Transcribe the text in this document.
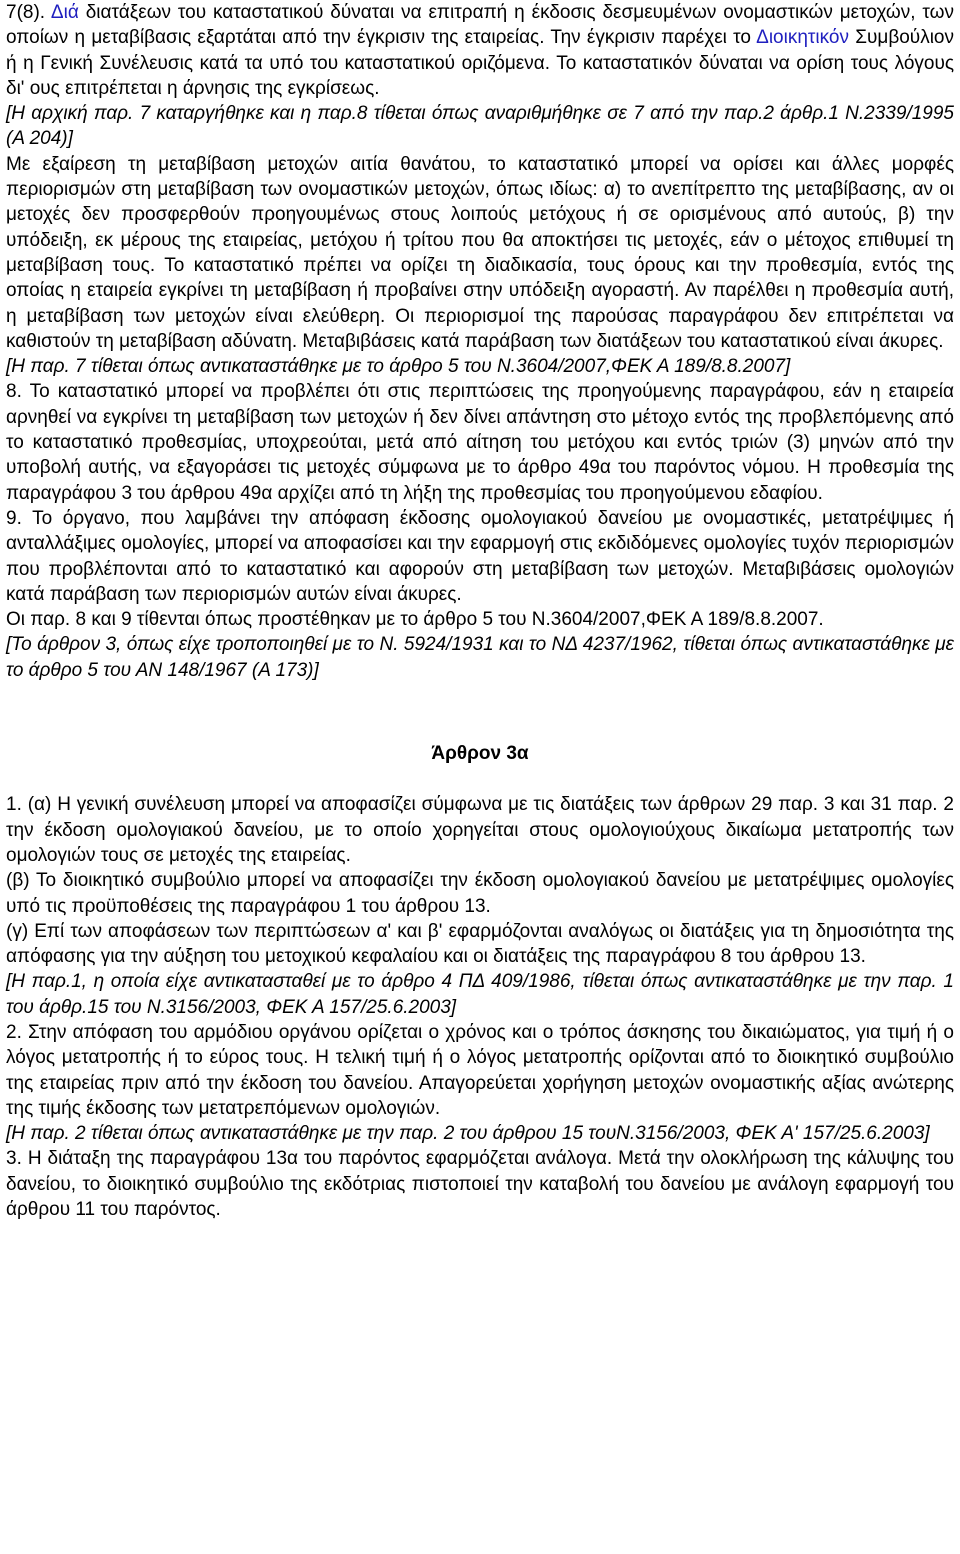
7(8). Διά διατάξεων του καταστατικού δύναται να επιτραπή η έκδοσις δεσμευμένων ονομαστικών μετοχών, των οποίων η μεταβίβασις εξαρτάται από την έγκρισιν της εταιρείας. Την έγκρισιν παρέχει το Διοικητικόν Συμβούλιον ή η Γενική Συνέλευσις κατά τα υπό του καταστατικού οριζόμενα. Το καταστατικόν δύναται να ορίση τους λόγους δι' ους επιτρέπεται η άρνησις της εγκρίσεως.

[Η αρχική παρ. 7 καταργήθηκε και η παρ.8 τίθεται όπως αναριθμήθηκε σε 7 από την παρ.2 άρθρ.1 Ν.2339/1995 (Α 204)]

Με εξαίρεση τη μεταβίβαση μετοχών αιτία θανάτου, το καταστατικό μπορεί να ορίσει και άλλες μορφές περιορισμών στη μεταβίβαση των ονομαστικών μετοχών, όπως ιδίως: α) το ανεπίτρεπτο της μεταβίβασης, αν οι μετοχές δεν προσφερθούν προηγουμένως στους λοιπούς μετόχους ή σε ορισμένους από αυτούς, β) την υπόδειξη, εκ μέρους της εταιρείας, μετόχου ή τρίτου που θα αποκτήσει τις μετοχές, εάν ο μέτοχος επιθυμεί τη μεταβίβαση τους. Το καταστατικό πρέπει να ορίζει τη διαδικασία, τους όρους και την προθεσμία, εντός της οποίας η εταιρεία εγκρίνει τη μεταβίβαση ή προβαίνει στην υπόδειξη αγοραστή. Αν παρέλθει η προθεσμία αυτή, η μεταβίβαση των μετοχών είναι ελεύθερη. Οι περιορισμοί της παρούσας παραγράφου δεν επιτρέπεται να καθιστούν τη μεταβίβαση αδύνατη. Μεταβιβάσεις κατά παράβαση των διατάξεων του καταστατικού είναι άκυρες.

[Η παρ. 7 τίθεται όπως αντικαταστάθηκε με το άρθρο 5 του Ν.3604/2007,ΦΕΚ Α 189/8.8.2007]

8. Το καταστατικό μπορεί να προβλέπει ότι στις περιπτώσεις της προηγούμενης παραγράφου, εάν η εταιρεία αρνηθεί να εγκρίνει τη μεταβίβαση των μετοχών ή δεν δίνει απάντηση στο μέτοχο εντός της προβλεπόμενης από το καταστατικό προθεσμίας, υποχρεούται, μετά από αίτηση του μετόχου και εντός τριών (3) μηνών από την υποβολή αυτής, να εξαγοράσει τις μετοχές σύμφωνα με το άρθρο 49α του παρόντος νόμου. Η προθεσμία της παραγράφου 3 του άρθρου 49α αρχίζει από τη λήξη της προθεσμίας του προηγούμενου εδαφίου.

9. Το όργανο, που λαμβάνει την απόφαση έκδοσης ομολογιακού δανείου με ονομαστικές, μετατρέψιμες ή ανταλλάξιμες ομολογίες, μπορεί να αποφασίσει και την εφαρμογή στις εκδιδόμενες ομολογίες τυχόν περιορισμών που προβλέπονται από το καταστατικό και αφορούν στη μεταβίβαση των μετοχών. Μεταβιβάσεις ομολογιών κατά παράβαση των περιορισμών αυτών είναι άκυρες.

Οι παρ. 8 και 9 τίθενται όπως προστέθηκαν με το άρθρο 5 του Ν.3604/2007,ΦΕΚ Α 189/8.8.2007.

[Το άρθρον 3, όπως είχε τροποποιηθεί με το Ν. 5924/1931 και το ΝΔ 4237/1962, τίθεται όπως αντικαταστάθηκε με το άρθρο 5 του ΑΝ 148/1967 (Α 173)]

Άρθρον 3α

1. (α) Η γενική συνέλευση μπορεί να αποφασίζει σύμφωνα με τις διατάξεις των άρθρων 29 παρ. 3 και 31 παρ. 2 την έκδοση ομολογιακού δανείου, με το οποίο χορηγείται στους ομολογιούχους δικαίωμα μετατροπής των ομολογιών τους σε μετοχές της εταιρείας.

(β) Το διοικητικό συμβούλιο μπορεί να αποφασίζει την έκδοση ομολογιακού δανείου με μετατρέψιμες ομολογίες υπό τις προϋποθέσεις της παραγράφου 1 του άρθρου 13.

(γ) Επί των αποφάσεων των περιπτώσεων α' και β' εφαρμόζονται αναλόγως οι διατάξεις για τη δημοσιότητα της απόφασης για την αύξηση του μετοχικού κεφαλαίου και οι διατάξεις της παραγράφου 8 του άρθρου 13.

[Η παρ.1, η οποία είχε αντικατασταθεί με το άρθρο 4 ΠΔ 409/1986, τίθεται όπως αντικαταστάθηκε με την παρ. 1 του άρθρ.15 του Ν.3156/2003, ΦΕΚ Α 157/25.6.2003]

2. Στην απόφαση του αρμόδιου οργάνου ορίζεται ο χρόνος και ο τρόπος άσκησης του δικαιώματος, για τιμή ή ο λόγος μετατροπής ή το εύρος τους. Η τελική τιμή ή ο λόγος μετατροπής ορίζονται από το διοικητικό συμβούλιο της εταιρείας πριν από την έκδοση του δανείου. Απαγορεύεται χορήγηση μετοχών ονομαστικής αξίας ανώτερης της τιμής έκδοσης των μετατρεπόμενων ομολογιών.

[Η παρ. 2 τίθεται όπως αντικαταστάθηκε με την παρ. 2 του άρθρου 15 τουΝ.3156/2003, ΦΕΚ Α' 157/25.6.2003]

3. Η διάταξη της παραγράφου 13α του παρόντος εφαρμόζεται ανάλογα. Μετά την ολοκλήρωση της κάλυψης του δανείου, το διοικητικό συμβούλιο της εκδότριας πιστοποιεί την καταβολή του δανείου με ανάλογη εφαρμογή του άρθρου 11 του παρόντος.
